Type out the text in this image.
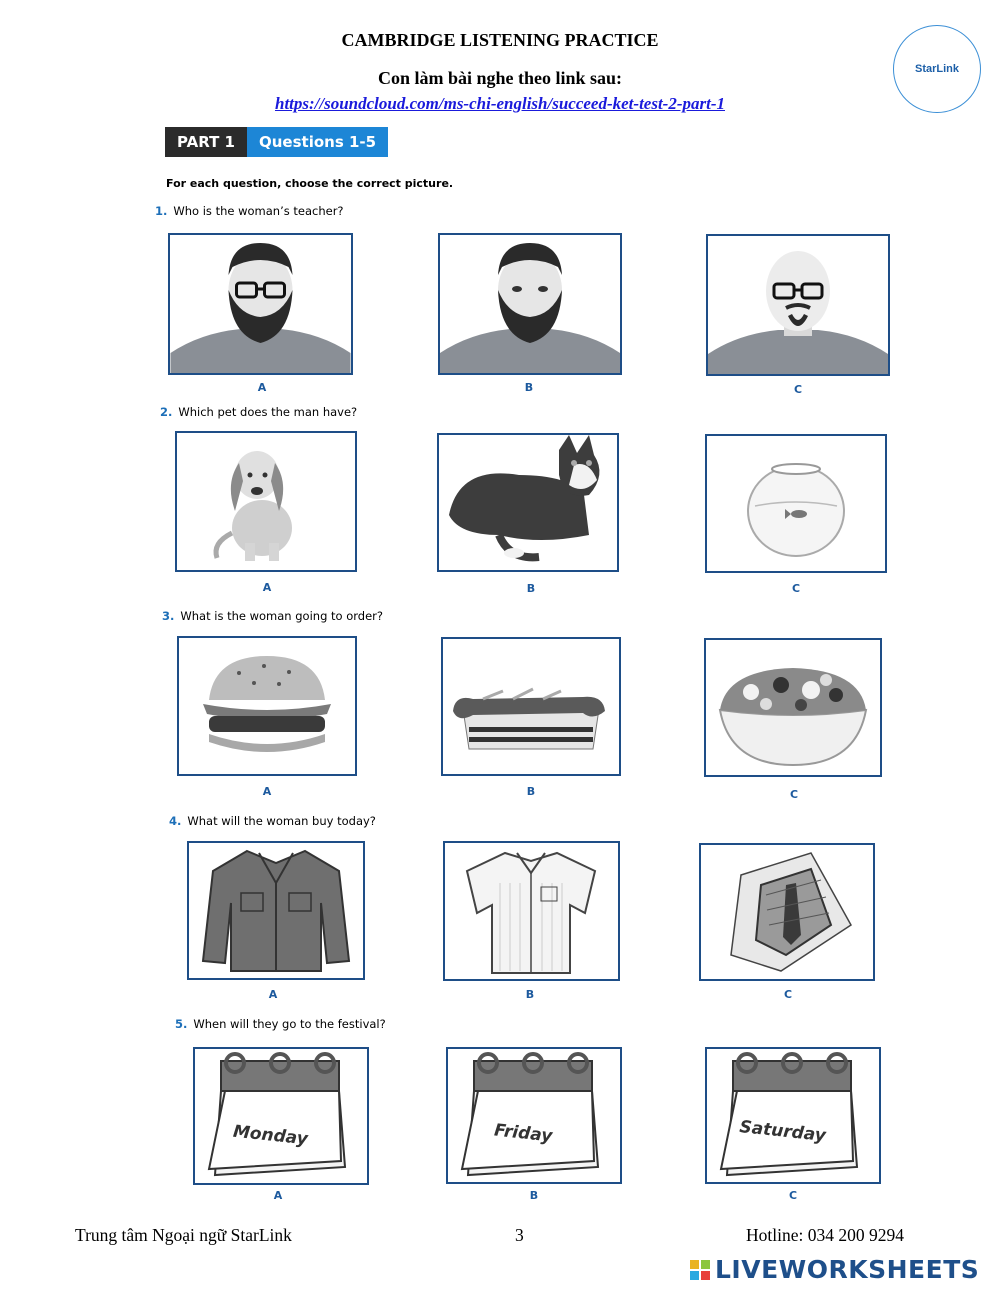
CAMBRIDGE LISTENING PRACTICE
Con làm bài nghe theo link sau:
https://soundcloud.com/ms-chi-english/succeed-ket-test-2-part-1
StarLink
PART 1	Questions 1-5
For each question, choose the correct picture.
1. Who is the woman’s teacher?
A	B	C
2. Which pet does the man have?
A	B	C
3. What is the woman going to order?
A	B	C
4. What will the woman buy today?
A	B	C
5. When will they go to the festival?
Monday
A
Friday
B
Saturday
C
Trung tâm Ngoại ngữ StarLink	3	Hotline: 034 200 9294
LIVEWORKSHEETS
